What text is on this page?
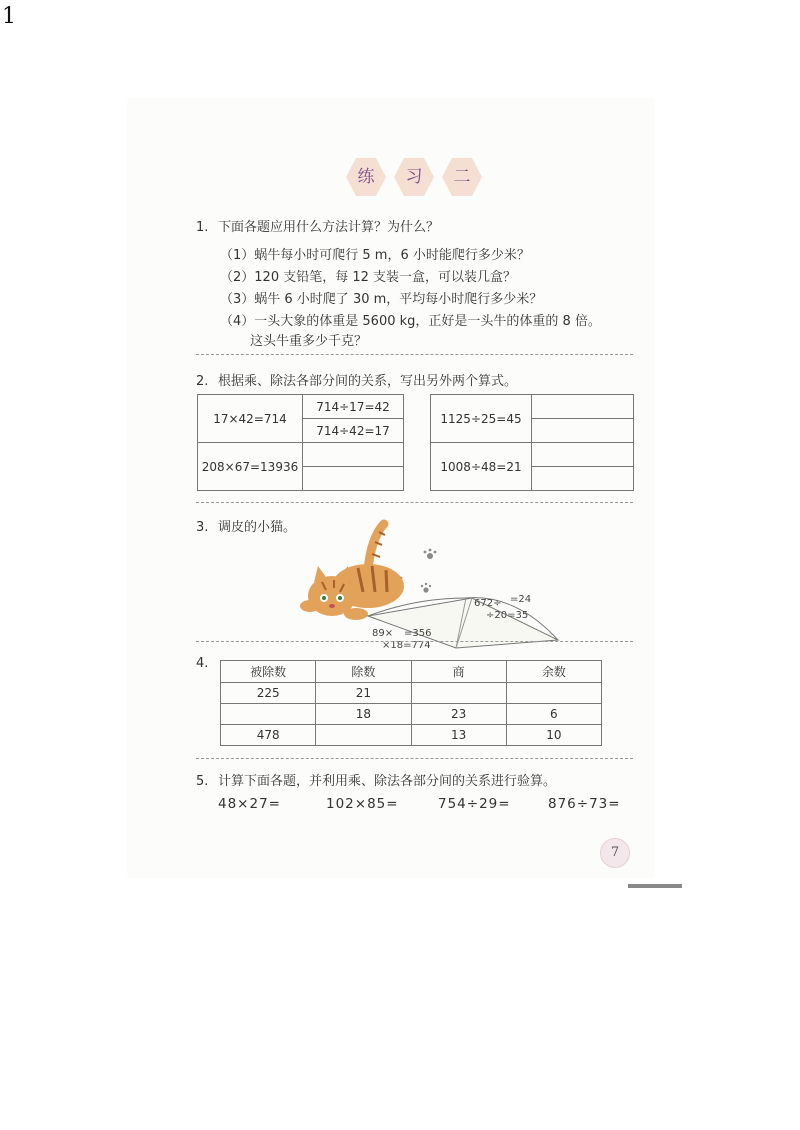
1
练	习	二
1. 下面各题应用什么方法计算？为什么？
（1）蜗牛每小时可爬行 5 m，6 小时能爬行多少米？
（2）120 支铅笔，每 12 支装一盒，可以装几盒？
（3）蜗牛 6 小时爬了 30 m，平均每小时爬行多少米？
（4）一头大象的体重是 5600 kg，正好是一头牛的体重的 8 倍。
这头牛重多少千克？
2. 根据乘、除法各部分间的关系，写出另外两个算式。
17×42=714	714÷17=42
	714÷42=17
208×67=13936	

1125÷25=45	

1008÷48=21	

3. 调皮的小猫。
89× =356
×18=774
672÷ =24
÷20=35
4.
被除数	除数	商	余数
225	21		
	18	23	6
478		13	10
5. 计算下面各题，并利用乘、除法各部分间的关系进行验算。
48×27=	102×85=	754÷29=	876÷73=
7
